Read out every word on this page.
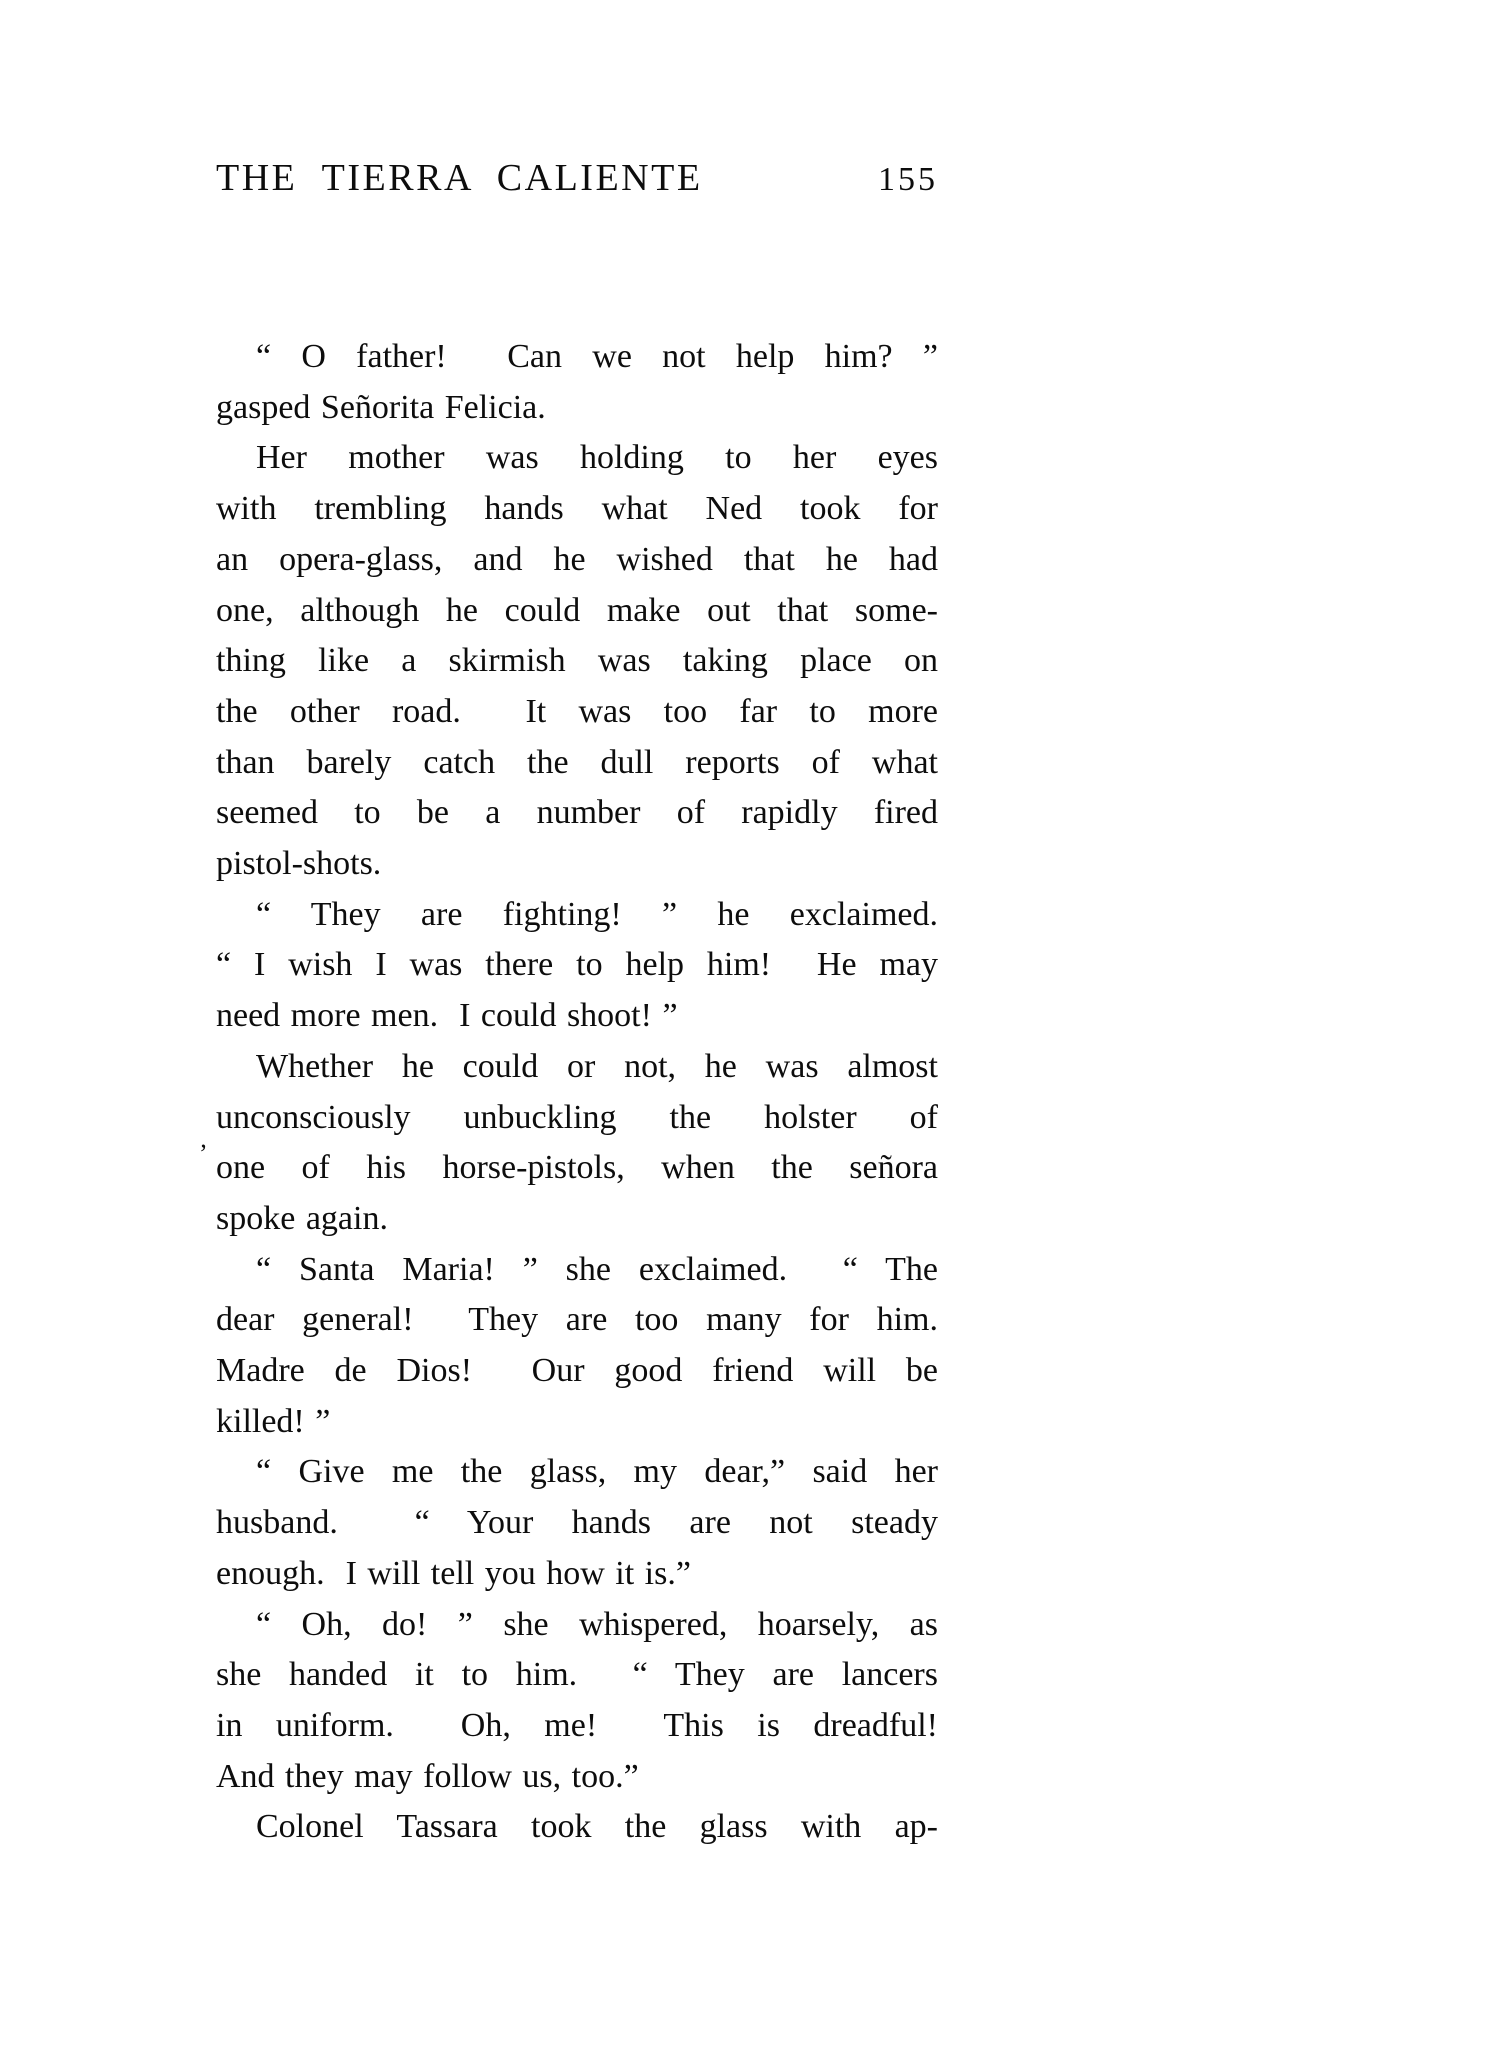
THE TIERRA CALIENTE	155
’
“ O father!  Can we not help him? ”
gasped Señorita Felicia.
Her mother was holding to her eyes
with trembling hands what Ned took for
an opera-glass, and he wished that he had
one, although he could make out that some-
thing like a skirmish was taking place on
the other road.  It was too far to more
than barely catch the dull reports of what
seemed to be a number of rapidly fired
pistol-shots.
“ They are fighting! ” he exclaimed.
“ I wish I was there to help him!  He may
need more men.  I could shoot! ”
Whether he could or not, he was almost
unconsciously unbuckling the holster of
one of his horse-pistols, when the señora
spoke again.
“ Santa Maria! ” she exclaimed.  “ The
dear general!  They are too many for him.
Madre de Dios!  Our good friend will be
killed! ”
“ Give me the glass, my dear,” said her
husband.  “ Your hands are not steady
enough.  I will tell you how it is.”
“ Oh, do! ” she whispered, hoarsely, as
she handed it to him.  “ They are lancers
in uniform.  Oh, me!  This is dreadful!
And they may follow us, too.”
Colonel Tassara took the glass with ap-
